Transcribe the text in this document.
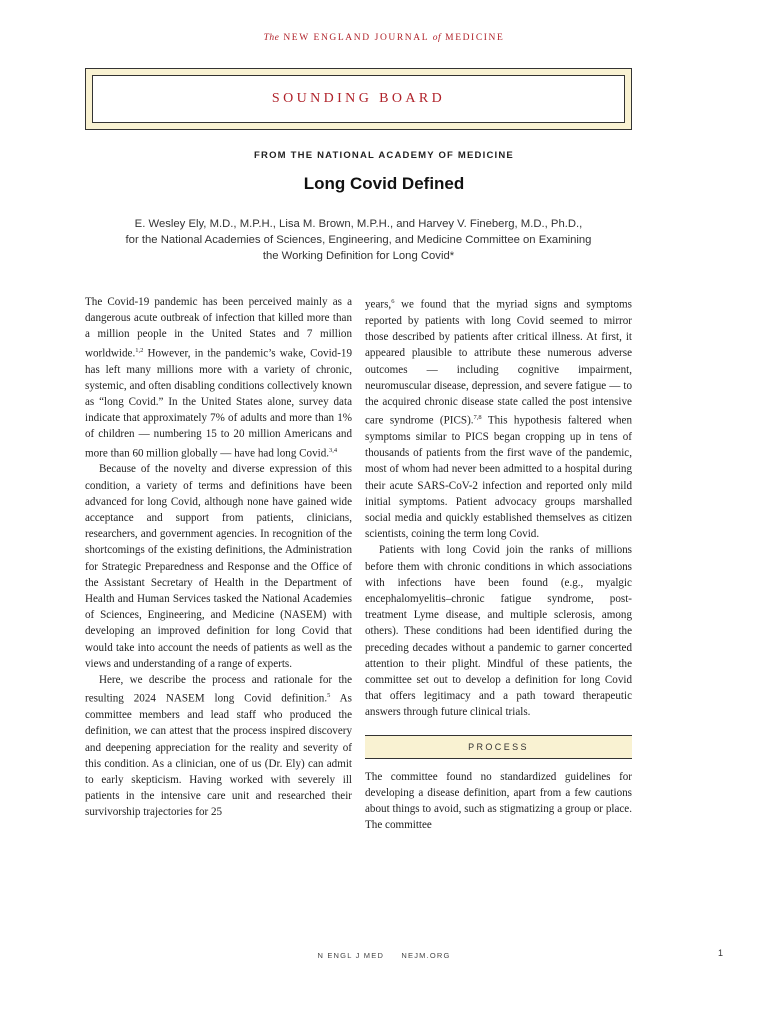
The NEW ENGLAND JOURNAL of MEDICINE
SOUNDING BOARD
FROM THE NATIONAL ACADEMY OF MEDICINE
Long Covid Defined
E. Wesley Ely, M.D., M.P.H., Lisa M. Brown, M.P.H., and Harvey V. Fineberg, M.D., Ph.D.,
for the National Academies of Sciences, Engineering, and Medicine Committee on Examining
the Working Definition for Long Covid*

The Covid-19 pandemic has been perceived mainly as a dangerous acute outbreak of infection that killed more than a million people in the United States and 7 million worldwide.$^{1,2}$ However, in the pandemic’s wake, Covid-19 has left many millions more with a variety of chronic, systemic, and often disabling conditions collectively known as “long Covid.” In the United States alone, survey data indicate that approximately 7% of adults and more than 1% of children — numbering 15 to 20 million Americans and more than 60 million globally — have had long Covid.$^{3,4}$

Because of the novelty and diverse expression of this condition, a variety of terms and definitions have been advanced for long Covid, although none have gained wide acceptance and support from patients, clinicians, researchers, and government agencies. In recognition of the shortcomings of the existing definitions, the Administration for Strategic Preparedness and Response and the Office of the Assistant Secretary of Health in the Department of Health and Human Services tasked the National Academies of Sciences, Engineering, and Medicine (NASEM) with developing an improved definition for long Covid that would take into account the needs of patients as well as the views and understanding of a range of experts.

Here, we describe the process and rationale for the resulting 2024 NASEM long Covid definition.$^5$ As committee members and lead staff who produced the definition, we can attest that the process inspired discovery and deepening appreciation for the reality and severity of this condition. As a clinician, one of us (Dr. Ely) can admit to early skepticism. Having worked with severely ill patients in the intensive care unit and researched their survivorship trajectories for 25

years,$^6$ we found that the myriad signs and symptoms reported by patients with long Covid seemed to mirror those described by patients after critical illness. At first, it appeared plausible to attribute these numerous adverse outcomes — including cognitive impairment, neuromuscular disease, depression, and severe fatigue — to the acquired chronic disease state called the post intensive care syndrome (PICS).$^{7,8}$ This hypothesis faltered when symptoms similar to PICS began cropping up in tens of thousands of patients from the first wave of the pandemic, most of whom had never been admitted to a hospital during their acute SARS-CoV-2 infection and reported only mild initial symptoms. Patient advocacy groups marshalled social media and quickly established themselves as citizen scientists, coining the term long Covid.

Patients with long Covid join the ranks of millions before them with chronic conditions in which associations with infections have been found (e.g., myalgic encephalomyelitis–chronic fatigue syndrome, post-treatment Lyme disease, and multiple sclerosis, among others). These conditions had been identified during the preceding decades without a pandemic to garner concerted attention to their plight. Mindful of these patients, the committee set out to develop a definition for long Covid that offers legitimacy and a path toward therapeutic answers through future clinical trials.

PROCESS

The committee found no standardized guidelines for developing a disease definition, apart from a few cautions about things to avoid, such as stigmatizing a group or place. The committee

N ENGL J MED NEJM.ORG	1
